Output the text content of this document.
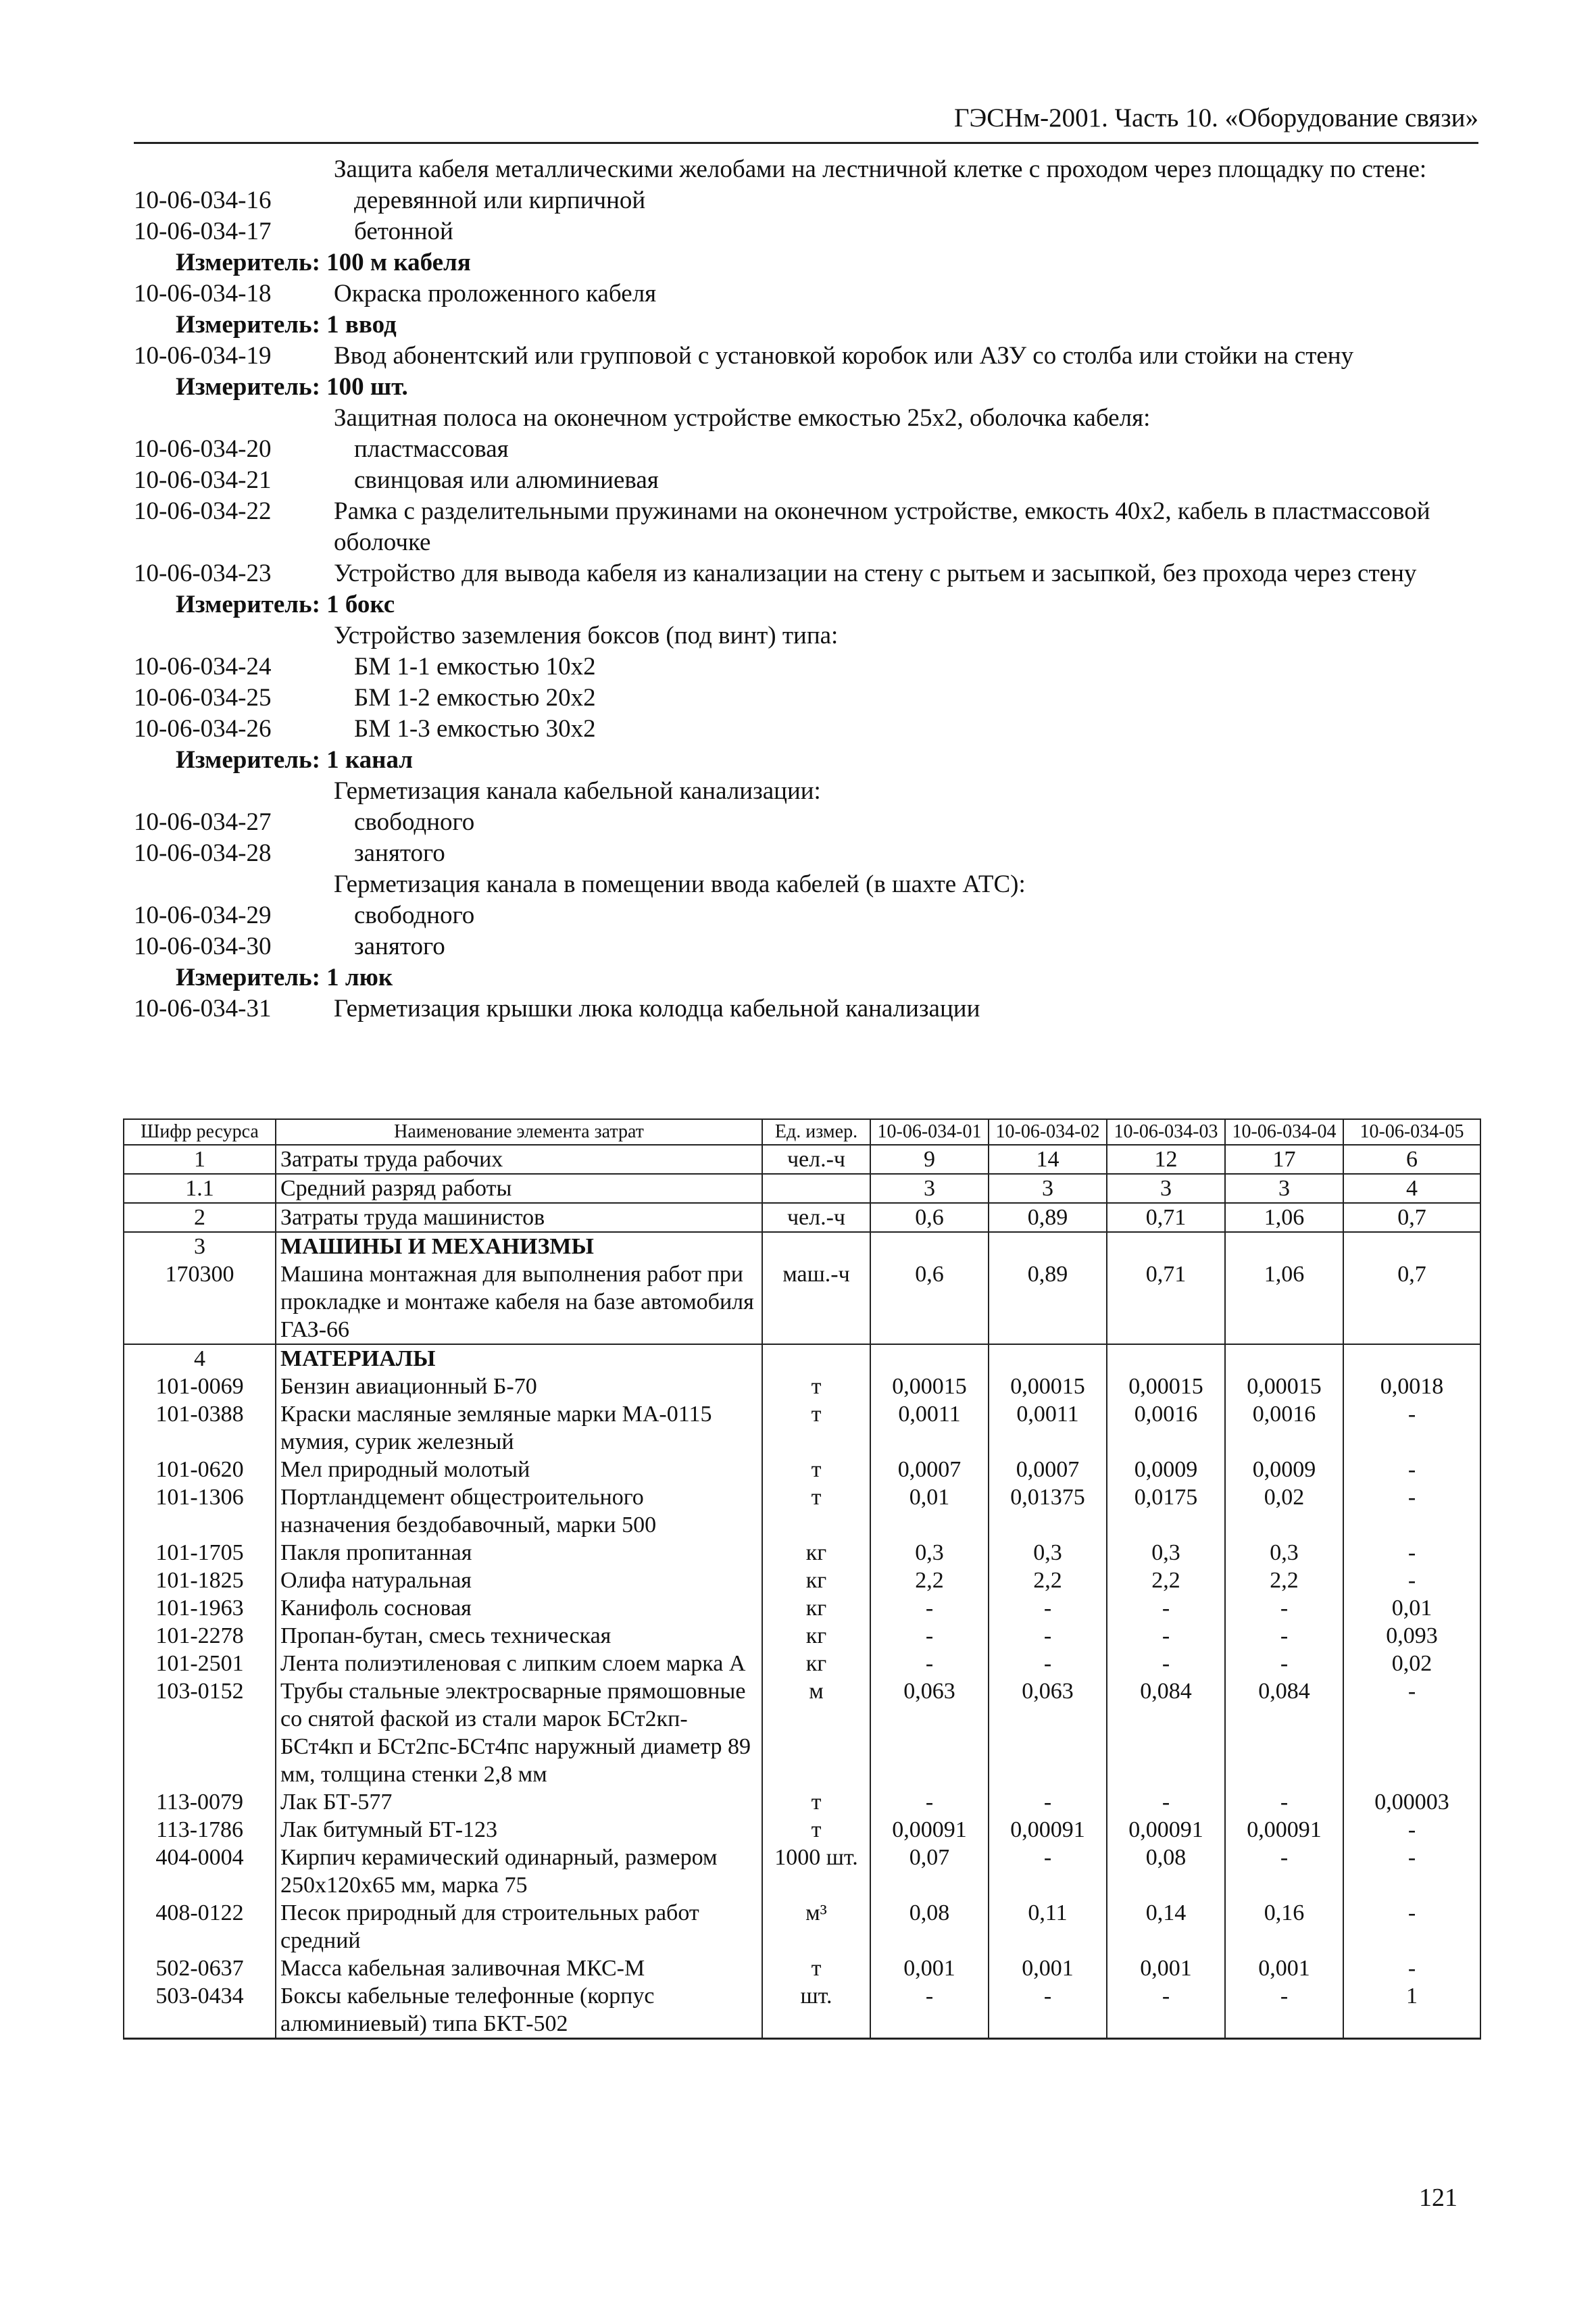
ГЭСНм-2001. Часть 10. «Оборудование связи»
Защита кабеля металлическими желобами на лестничной клетке с проходом через площадку по стене:
10-06-034-16	деревянной или кирпичной
10-06-034-17	бетонной
Измеритель: 100 м кабеля
10-06-034-18	Окраска проложенного кабеля
Измеритель: 1 ввод
10-06-034-19	Ввод абонентский или групповой с установкой коробок или АЗУ со столба или стойки на стену
Измеритель: 100 шт.
Защитная полоса на оконечном устройстве емкостью 25х2, оболочка кабеля:
10-06-034-20	пластмассовая
10-06-034-21	свинцовая или алюминиевая
10-06-034-22	Рамка с разделительными пружинами на оконечном устройстве, емкость 40х2, кабель в пластмассовой оболочке
10-06-034-23	Устройство для вывода кабеля из канализации на стену с рытьем и засыпкой, без прохода через стену
Измеритель: 1 бокс
Устройство заземления боксов (под винт) типа:
10-06-034-24	БМ 1-1 емкостью 10х2
10-06-034-25	БМ 1-2 емкостью 20х2
10-06-034-26	БМ 1-3 емкостью 30х2
Измеритель: 1 канал
Герметизация канала кабельной канализации:
10-06-034-27	свободного
10-06-034-28	занятого
Герметизация канала в помещении ввода кабелей (в шахте АТС):
10-06-034-29	свободного
10-06-034-30	занятого
Измеритель: 1 люк
10-06-034-31	Герметизация крышки люка колодца кабельной канализации
Шифр ресурса	Наименование элемента затрат	Ед. измер.	10-06-034-01	10-06-034-02	10-06-034-03	10-06-034-04	10-06-034-05
1	Затраты труда рабочих	чел.-ч	9	14	12	17	6
1.1	Средний разряд работы		3	3	3	3	4
2	Затраты труда машинистов	чел.-ч	0,6	0,89	0,71	1,06	0,7
3	МАШИНЫ И МЕХАНИЗМЫ						
170300	Машина монтажная для выполнения работ при прокладке и монтаже кабеля на базе автомобиля ГАЗ-66	маш.-ч	0,6	0,89	0,71	1,06	0,7
4	МАТЕРИАЛЫ						
101-0069	Бензин авиационный Б-70	т	0,00015	0,00015	0,00015	0,00015	0,0018
101-0388	Краски масляные земляные марки МА-0115 мумия, сурик железный	т	0,0011	0,0011	0,0016	0,0016	-
101-0620	Мел природный молотый	т	0,0007	0,0007	0,0009	0,0009	-
101-1306	Портландцемент общестроительного назначения бездобавочный, марки 500	т	0,01	0,01375	0,0175	0,02	-
101-1705	Пакля пропитанная	кг	0,3	0,3	0,3	0,3	-
101-1825	Олифа натуральная	кг	2,2	2,2	2,2	2,2	-
101-1963	Канифоль сосновая	кг	-	-	-	-	0,01
101-2278	Пропан-бутан, смесь техническая	кг	-	-	-	-	0,093
101-2501	Лента полиэтиленовая с липким слоем марка А	кг	-	-	-	-	0,02
103-0152	Трубы стальные электросварные прямошовные со снятой фаской из стали марок БСт2кп-БСт4кп и БСт2пс-БСт4пс наружный диаметр 89 мм, толщина стенки 2,8 мм	м	0,063	0,063	0,084	0,084	-
113-0079	Лак БТ-577	т	-	-	-	-	0,00003
113-1786	Лак битумный БТ-123	т	0,00091	0,00091	0,00091	0,00091	-
404-0004	Кирпич керамический одинарный, размером 250х120х65 мм, марка 75	1000 шт.	0,07	-	0,08	-	-
408-0122	Песок природный для строительных работ средний	м³	0,08	0,11	0,14	0,16	-
502-0637	Масса кабельная заливочная МКС-М	т	0,001	0,001	0,001	0,001	-
503-0434	Боксы кабельные телефонные (корпус алюминиевый) типа БКТ-502	шт.	-	-	-	-	1
121
